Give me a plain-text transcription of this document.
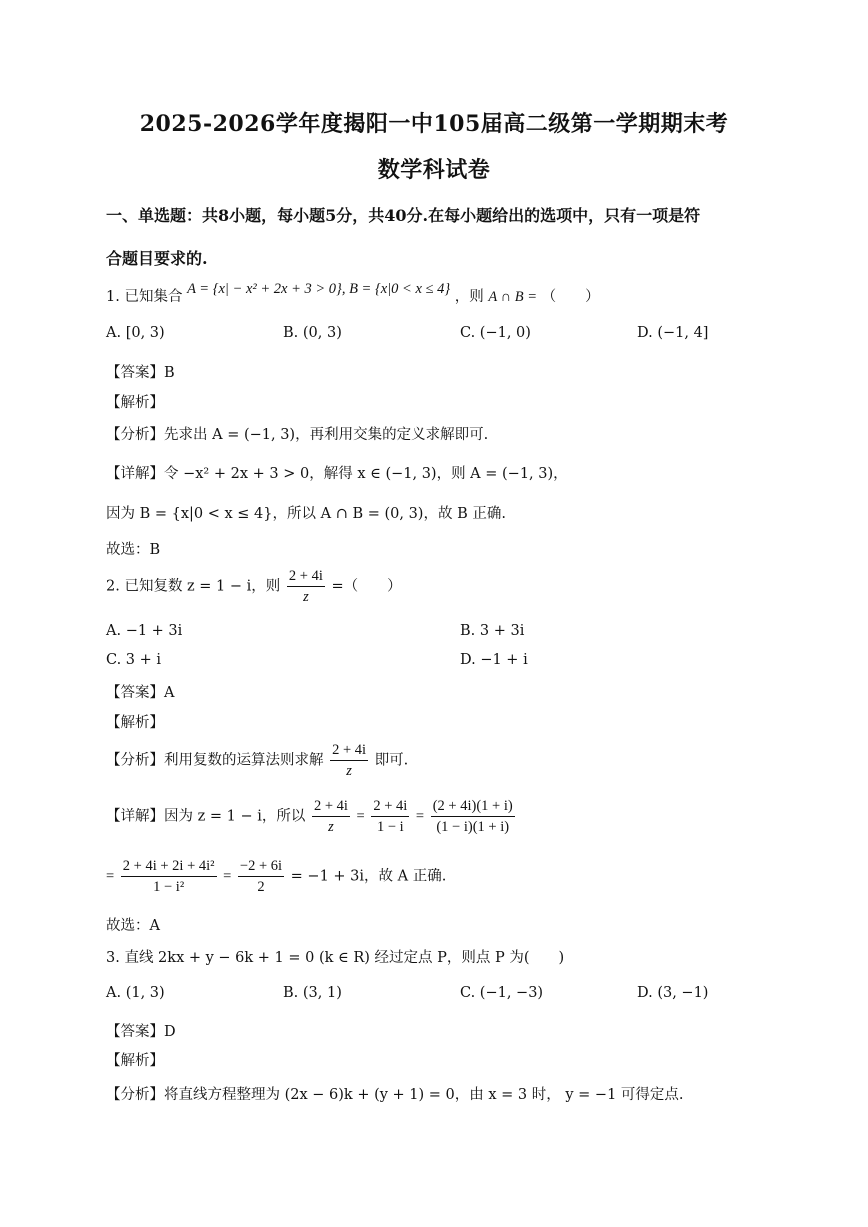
2025-2026学年度揭阳一中105届高二级第一学期期末考
数学科试卷
一、单选题：共8小题，每小题5分，共40分.在每小题给出的选项中，只有一项是符
合题目要求的.
1. 已知集合 A = {x| − x² + 2x + 3 > 0}, B = {x|0 < x ≤ 4} ，则 A ∩ B = （　　）
A. [0, 3)	B. (0, 3)	C. (−1, 0)	D. (−1, 4]
【答案】B
【解析】
【分析】先求出 A = (−1, 3)，再利用交集的定义求解即可.
【详解】令 −x² + 2x + 3 > 0，解得 x ∈ (−1, 3)，则 A = (−1, 3)，
因为 B = {x|0 < x ≤ 4}，所以 A ∩ B = (0, 3)，故 B 正确.
故选：B
2. 已知复数 z = 1 − i，则 $\frac{2 + 4i}{z}$ =（　　）
A. −1 + 3i	B. 3 + 3i
C. 3 + i	D. −1 + i
【答案】A
【解析】
【分析】利用复数的运算法则求解 $\frac{2 + 4i}{z}$ 即可.
【详解】因为 z = 1 − i，所以 $\frac{2 + 4i}{z} = \frac{2 + 4i}{1 - i} = \frac{(2 + 4i)(1 + i)}{(1 - i)(1 + i)}$
= $\frac{\text{2 + 4i + 2i + 4i²}}{\text{1 − i²}} = \frac{-2 + 6i}{2} = -1 + 3i$，故 A 正确.
故选：A
3. 直线 2kx + y − 6k + 1 = 0 (k ∈ R) 经过定点 P，则点 P 为(　　)
A. (1, 3)	B. (3, 1)	C. (−1, −3)	D. (3, −1)
【答案】D
【解析】
【分析】将直线方程整理为 (2x − 6)k + (y + 1) = 0，由 x = 3 时， y = −1 可得定点.
